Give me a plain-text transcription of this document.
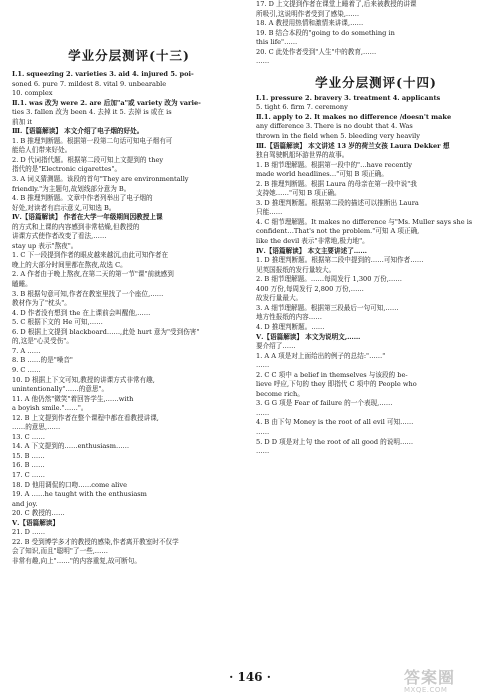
学业分层测评(十三)
Ⅰ.1. squeezing 2. varieties 3. aid 4. injured 5. poi-
soned 6. pure 7. mildest 8. vital 9. unbearable
10. complex
Ⅱ.1. was 改为 were 2. are 后加"a"或 variety 改为 varie-
ties 3. fallen 改为 been 4. 去掉 it 5. 去掉 is 或在 is
前加 it
Ⅲ.【语篇解读】 本文介绍了电子烟的好处。
1. B 推理判断题。根据第一段第二句话可知电子烟有可
能给人们带来好处。
2. D 代词指代题。根据第二段可知上文提到的 they
指代的是"Electronic cigarettes"。
3. A 词义猜测题。该段的首句"They are environmentally
friendly."为主题句,故划线部分意为 B。
4. B 推理判断题。文章中作者列举出了电子烟的
好处,对读者有启示意义,可知选 B。
Ⅳ.【语篇解读】 作者在大学一年级期间因教授上课
的方式和上课的内容感到非常枯燥,但教授的
讲课方式使作者改变了看法,……
stay up 表示"熬夜"。
1. C 下一段提到作者的眼皮越来越沉,由此可知作者在
晚上的大部分时间里都在熬夜,故选 C。
2. A 作者由于晚上熬夜,在第二天的第一节"课"前就感到
瞌睡。
3. B 根据句意可知,作者在教室里找了一个座位,……
教材作为了"枕头"。
4. D 作者没有想到 the 在上课前会叫醒他,……
5. C 根据下文的 He 可知,……
6. D 根据上文提到 blackboard……,此处 hurt 意为"受到伤害"
的,这是"心灵受伤"。
7. A ……
8. B ……的是"噪音"
9. C ……
10. D 根据上下文可知,教授的讲课方式非常有趣,
unintentionally"……的意思"。
11. A 他仍然"微笑"着回答学生,……with
a boyish smile."……"。
12. B 上文提到作者在整个课程中都在看教授讲课,
……的意思,……
13. C ……
14. A 下文提到的……enthusiasm……
15. B ……
16. B ……
17. C ……
18. D 他用调侃的口吻……come alive
19. A ……he taught with the enthusiasm
and joy.
20. C 教授的……
Ⅴ.【语篇解读】
21. D ……
22. B 受到博学多才的教授的感染,作者离开教室时不仅学
会了知识,而且"聪明"了一些,……
非常有趣,向上"……"的内容重复,故可断句。
17. D 上文提到作者在课堂上睡着了,后来被教授的讲课
所吸引,这说明作者受到了感染,……
18. A 教授用热情和激情来讲课,……
19. B 结合本段的"going to do something in
this life"……
20. C 此处作者受到"人生"中的教育,……
……
学业分层测评(十四)
Ⅰ.1. pressure 2. bravery 3. treatment 4. applicants
5. tight 6. firm 7. ceremony
Ⅱ.1. apply to 2. It makes no difference /doesn't make
any difference 3. There is no doubt that 4. Was
thrown in the field when 5. bleeding very heavily
Ⅲ.【语篇解读】 本文讲述 13 岁的荷兰女孩 Laura Dekker 想
独自驾驶帆船环游世界的故事。
1. B 细节理解题。根据第一段中的"…have recently
made world headlines…"可知 B 项正确。
2. B 推理判断题。根据 Laura 的母亲在第一段中说"我
支持她……"可知 B 项正确。
3. D 推理判断题。根据第二段的描述可以推断出 Laura
只能……
4. C 细节理解题。It makes no difference 与"Ms. Muller says she is
confident…That's not the problem."可知 A 项正确,
like the devil 表示"非常地,极力地"。
Ⅳ.【语篇解读】 本文主要讲述了……
1. D 推理判断题。根据第二段中提到的……可知作者……
见英国报纸的发行量较大。
2. B 细节理解题。……每周发行 1,300 万份,……
400 万份,每周发行 2,800 万份,……
故发行量最大。
3. A 细节理解题。根据第三段最后一句可知,……
地方性报纸的内容……
4. D 推理判断题。……
Ⅴ.【语篇解读】 本文为说明文,……
要介绍了……
1. A A 项是对上面给出的例子的总结:"……"
……
2. C C 项中 a belief in themselves 与该段的 be-
lieve 呼应,下句的 they 即指代 C 项中的 People who
become rich。
3. G G 项是 Fear of failure 的一个表现,……
……
4. B 由下句 Money is the root of all evil 可知……
……
5. D D 项是对上句 the root of all good 的说明……
……
· 146 ·	答案圈
MXQE.COM
